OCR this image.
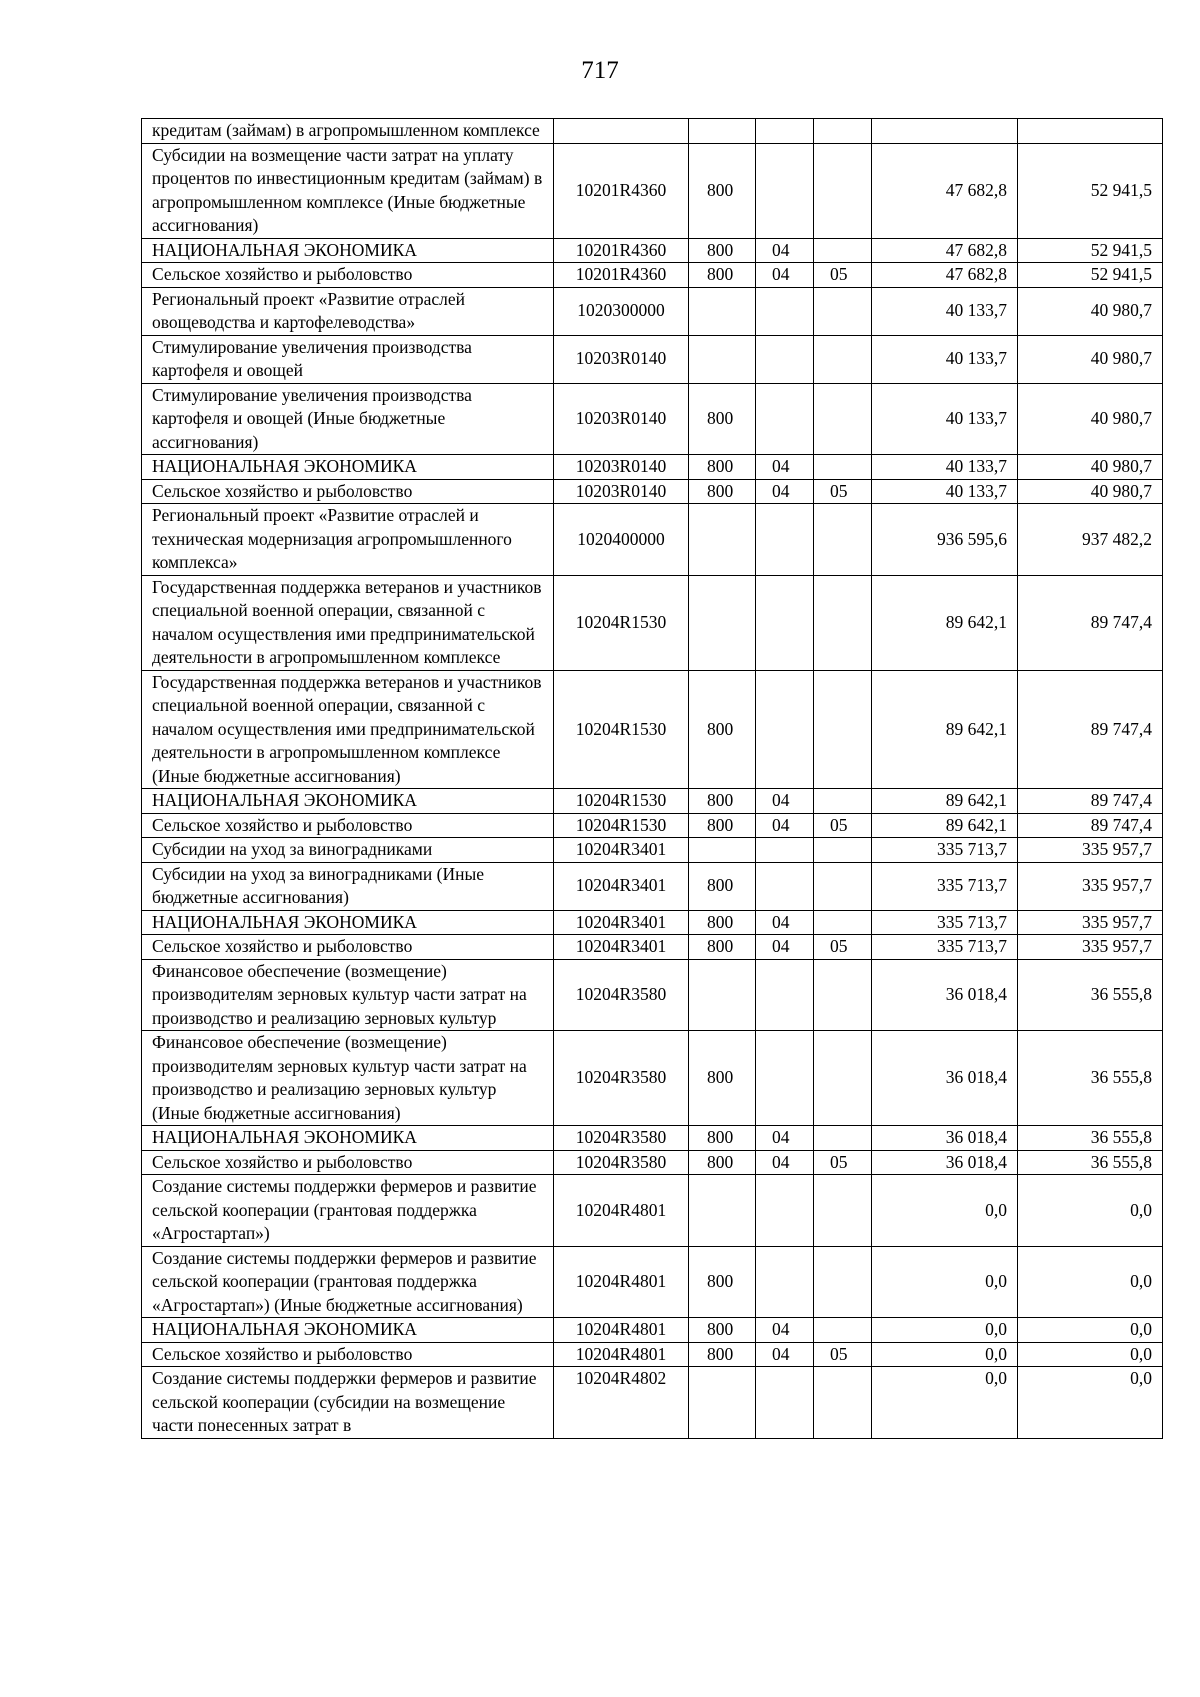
717
кредитам (займам) в агропромышленном комплексе						
Субсидии на возмещение части затрат на уплату процентов по инвестиционным кредитам (займам) в агропромышленном комплексе (Иные бюджетные ассигнования)	10201R4360	800			47 682,8	52 941,5
НАЦИОНАЛЬНАЯ ЭКОНОМИКА	10201R4360	800	04		47 682,8	52 941,5
Сельское хозяйство и рыболовство	10201R4360	800	04	05	47 682,8	52 941,5
Региональный проект «Развитие отраслей овощеводства и картофелеводства»	1020300000				40 133,7	40 980,7
Стимулирование увеличения производства картофеля и овощей	10203R0140				40 133,7	40 980,7
Стимулирование увеличения производства картофеля и овощей (Иные бюджетные ассигнования)	10203R0140	800			40 133,7	40 980,7
НАЦИОНАЛЬНАЯ ЭКОНОМИКА	10203R0140	800	04		40 133,7	40 980,7
Сельское хозяйство и рыболовство	10203R0140	800	04	05	40 133,7	40 980,7
Региональный проект «Развитие отраслей и техническая модернизация агропромышленного комплекса»	1020400000				936 595,6	937 482,2
Государственная поддержка ветеранов и участников специальной военной операции, связанной с началом осуществления ими предпринимательской деятельности в агропромышленном комплексе	10204R1530				89 642,1	89 747,4
Государственная поддержка ветеранов и участников специальной военной операции, связанной с началом осуществления ими предпринимательской деятельности в агропромышленном комплексе (Иные бюджетные ассигнования)	10204R1530	800			89 642,1	89 747,4
НАЦИОНАЛЬНАЯ ЭКОНОМИКА	10204R1530	800	04		89 642,1	89 747,4
Сельское хозяйство и рыболовство	10204R1530	800	04	05	89 642,1	89 747,4
Субсидии на уход за виноградниками	10204R3401				335 713,7	335 957,7
Субсидии на уход за виноградниками (Иные бюджетные ассигнования)	10204R3401	800			335 713,7	335 957,7
НАЦИОНАЛЬНАЯ ЭКОНОМИКА	10204R3401	800	04		335 713,7	335 957,7
Сельское хозяйство и рыболовство	10204R3401	800	04	05	335 713,7	335 957,7
Финансовое обеспечение (возмещение) производителям зерновых культур части затрат на производство и реализацию зерновых культур	10204R3580				36 018,4	36 555,8
Финансовое обеспечение (возмещение) производителям зерновых культур части затрат на производство и реализацию зерновых культур (Иные бюджетные ассигнования)	10204R3580	800			36 018,4	36 555,8
НАЦИОНАЛЬНАЯ ЭКОНОМИКА	10204R3580	800	04		36 018,4	36 555,8
Сельское хозяйство и рыболовство	10204R3580	800	04	05	36 018,4	36 555,8
Создание системы поддержки фермеров и развитие сельской кооперации (грантовая поддержка «Агростартап»)	10204R4801				0,0	0,0
Создание системы поддержки фермеров и развитие сельской кооперации (грантовая поддержка «Агростартап») (Иные бюджетные ассигнования)	10204R4801	800			0,0	0,0
НАЦИОНАЛЬНАЯ ЭКОНОМИКА	10204R4801	800	04		0,0	0,0
Сельское хозяйство и рыболовство	10204R4801	800	04	05	0,0	0,0
Создание системы поддержки фермеров и развитие сельской кооперации (субсидии на возмещение части понесенных затрат в	10204R4802				0,0	0,0
